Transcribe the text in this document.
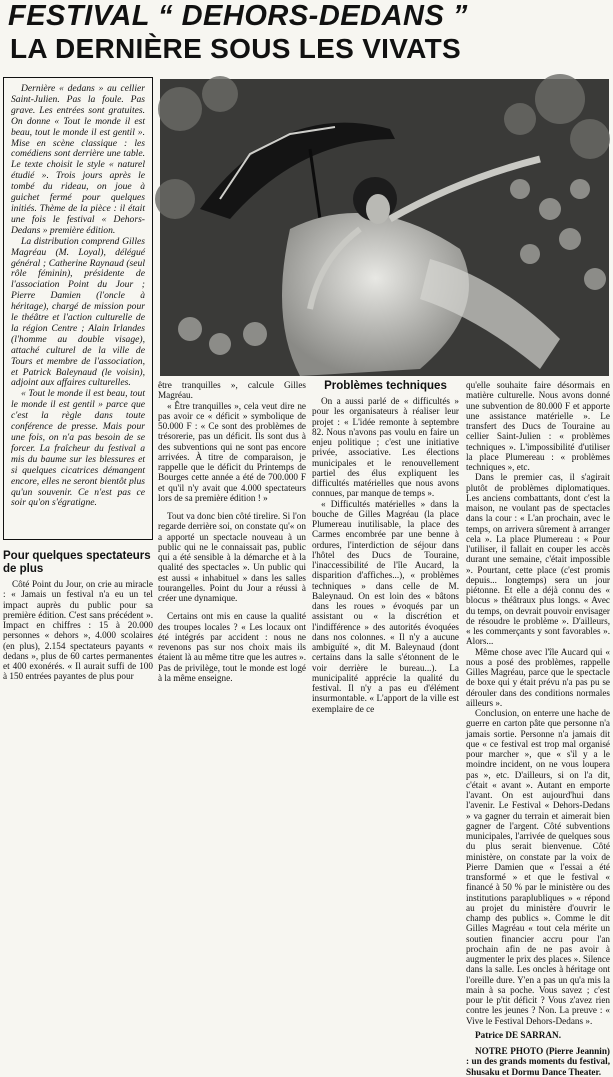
FESTIVAL “ DEHORS-DEDANS ”
LA DERNIÈRE SOUS LES VIVATS

Dernière « dedans » au cellier Saint-Julien. Pas la foule. Pas grave. Les entrées sont gratuites. On donne « Tout le monde il est beau, tout le monde il est gentil ». Mise en scène classique : les comédiens sont derrière une table. Le texte choisit le style « naturel étudié ». Trois jours après le tombé du rideau, on joue à guichet fermé pour quelques initiés. Thème de la pièce : il était une fois le festival « Dehors-Dedans » première édition.

La distribution comprend Gilles Magréau (M. Loyal), délégué général ; Catherine Raynaud (seul rôle féminin), présidente de l'association Point du Jour ; Pierre Damien (l'oncle à héritage), chargé de mission pour le théâtre et l'action culturelle de la région Centre ; Alain Irlandes (l'homme au double visage), attaché culturel de la ville de Tours et membre de l'association, et Patrick Baleynaud (le voisin), adjoint aux affaires culturelles.

« Tout le monde il est beau, tout le monde il est gentil » parce que c'est la règle dans toute conférence de presse. Mais pour une fois, on n'a pas besoin de se forcer. La fraîcheur du festival a mis du baume sur les blessures et si quelques cicatrices démangent encore, elles ne seront bientôt plus qu'un souvenir. Ce n'est pas ce soir qu'on s'égratigne.

Pour quelques spectateurs de plus

Côté Point du Jour, on crie au miracle : « Jamais un festival n'a eu un tel impact auprès du public pour sa première édition. C'est sans précédent ». Impact en chiffres : 15 à 20.000 personnes « dehors », 4.000 scolaires (en plus), 2.154 spectateurs payants « dedans », plus de 60 cartes permanentes et 400 exonérés. « Il aurait suffi de 100 à 150 entrées payantes de plus pour

être tranquilles », calcule Gilles Magréau.

« Être tranquilles », cela veut dire ne pas avoir ce « déficit » symbolique de 50.000 F : « Ce sont des problèmes de trésorerie, pas un déficit. Ils sont dus à des subventions qui ne sont pas encore arrivées. À titre de comparaison, je rappelle que le déficit du Printemps de Bourges cette année a été de 700.000 F et qu'il n'y avait que 4.000 spectateurs lors de sa première édition ! »

Tout va donc bien côté tirelire. Si l'on regarde derrière soi, on constate qu'« on a apporté un spectacle nouveau à un public qui ne le connaissait pas, public qui a été sensible à la démarche et à la qualité des spectacles ». Un public qui est aussi « inhabituel » dans les salles tourangelles. Point du Jour a réussi à créer une dynamique.

Certains ont mis en cause la qualité des troupes locales ? « Les locaux ont été intégrés par accident : nous ne revenons pas sur nos choix mais ils étaient là au même titre que les autres ». Pas de privilège, tout le monde est logé à la même enseigne.

Problèmes techniques

On a aussi parlé de « difficultés » pour les organisateurs à réaliser leur projet : « L'idée remonte à septembre 82. Nous n'avons pas voulu en faire un enjeu politique ; c'est une initiative privée, associative. Les élections municipales et le renouvellement partiel des élus expliquent les difficultés matérielles que nous avons connues, par manque de temps ».

« Difficultés matérielles » dans la bouche de Gilles Magréau (la place Plumereau inutilisable, la place des Carmes encombrée par une benne à ordures, l'interdiction de séjour dans l'hôtel des Ducs de Touraine, l'inaccessibilité de l'île Aucard, la disparition d'affiches...), « problèmes techniques » dans celle de M. Baleynaud. On est loin des « bâtons dans les roues » évoqués par un assistant ou « la discrétion et l'indifférence » des autorités évoquées dans nos colonnes. « Il n'y a aucune ambiguïté », dit M. Baleynaud (dont certains dans la salle s'étonnent de le voir derrière le bureau...). La municipalité apprécie la qualité du festival. Il n'y a pas eu d'élément insurmontable. « L'apport de la ville est exemplaire de ce

qu'elle souhaite faire désormais en matière culturelle. Nous avons donné une subvention de 80.000 F et apporte une assistance matérielle ». Le transfert des Ducs de Touraine au cellier Saint-Julien : « problèmes techniques ». L'impossibilité d'utiliser la place Plumereau : « problèmes techniques », etc.

Dans le premier cas, il s'agirait plutôt de problèmes diplomatiques. Les anciens combattants, dont c'est la maison, ne voulant pas de spectacles dans la cour : « L'an prochain, avec le temps, on arrivera sûrement à arranger cela ». La place Plumereau : « Pour l'utiliser, il fallait en couper les accès durant une semaine, c'était impossible ». Pourtant, cette place (c'est promis depuis... longtemps) sera un jour piétonne. Et elle a déjà connu des « blocus » théâtraux plus longs. « Avec du temps, on devrait pouvoir envisager de résoudre le problème ». D'ailleurs, « les commerçants y sont favorables ». Alors...

Même chose avec l'île Aucard qui « nous a posé des problèmes, rappelle Gilles Magréau, parce que le spectacle de boxe qui y était prévu n'a pas pu se dérouler dans des conditions normales ailleurs ».

Conclusion, on enterre une hache de guerre en carton pâte que personne n'a jamais sortie. Personne n'a jamais dit que « ce festival est trop mal organisé pour marcher », que « s'il y a le moindre incident, on ne vous loupera pas », etc. D'ailleurs, si on l'a dit, c'était « avant ». Autant en emporte l'avant. On est aujourd'hui dans l'avenir. Le Festival « Dehors-Dedans » va gagner du terrain et aimerait bien gagner de l'argent. Côté subventions municipales, l'arrivée de quelques sous du plus serait bienvenue. Côté ministère, on constate par la voix de Pierre Damien que « l'essai a été transformé » et que le festival « financé à 50 % par le ministère ou des institutions paraplubliques » « répond au projet du ministère d'ouvrir le champ des publics ». Comme le dit Gilles Magréau « tout cela mérite un soutien financier accru pour l'an prochain afin de ne pas avoir à augmenter le prix des places ». Silence dans la salle. Les oncles à héritage ont l'oreille dure. Y'en a pas un qu'a mis la main à sa poche. Vous savez ; c'est pour le p'tit déficit ? Vous z'avez rien contre les jeunes ? Non. La preuve : « Vive le Festival Dehors-Dedans ».

Patrice DE SARRAN.

NOTRE PHOTO (Pierre Jeannin) : un des grands moments du festival, Shusaku et Dormu Dance Theater.
